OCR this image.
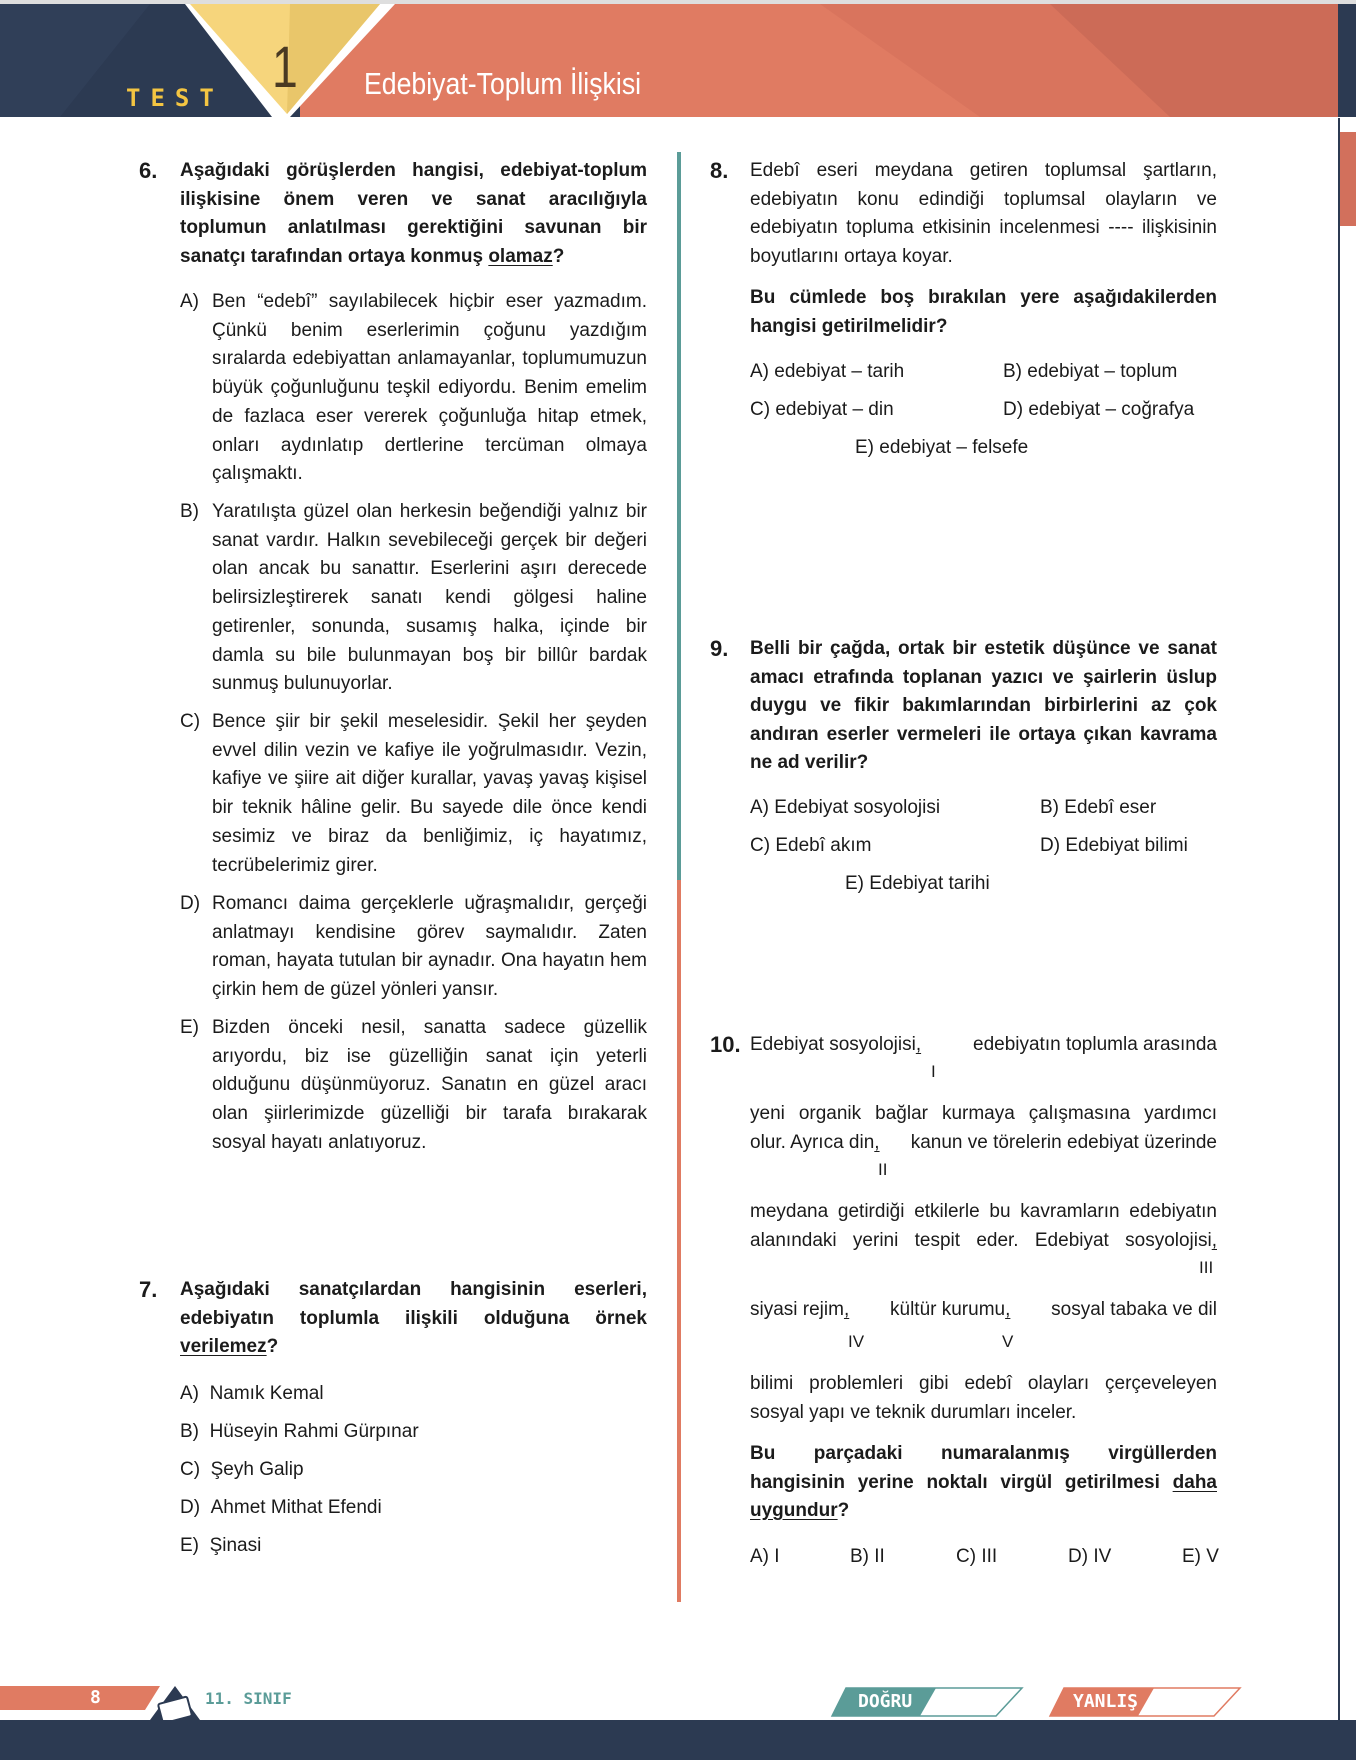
TEST 1 Edebiyat-Toplum İlişkisi
6. Aşağıdaki görüşlerden hangisi, edebiyat-toplum ilişkisine önem veren ve sanat aracılığıyla toplumun anlatılması gerektiğini savunan bir sanatçı tarafından ortaya konmuş olamaz?
A) Ben “edebî” sayılabilecek hiçbir eser yazmadım. Çünkü benim eserlerimin çoğunu yazdığım sıralarda edebiyattan anlamayanlar, toplumumuzun büyük çoğunluğunu teşkil ediyordu. Benim emelim de fazlaca eser vererek çoğunluğa hitap etmek, onları aydınlatıp dertlerine tercüman olmaya çalışmaktı.
B) Yaratılışta güzel olan herkesin beğendiği yalnız bir sanat vardır. Halkın sevebileceği gerçek bir değeri olan ancak bu sanattır. Eserlerini aşırı derecede belirsizleştirerek sanatı kendi gölgesi haline getirenler, sonunda, susamış halka, içinde bir damla su bile bulunmayan boş bir billûr bardak sunmuş bulunuyorlar.
C) Bence şiir bir şekil meselesidir. Şekil her şeyden evvel dilin vezin ve kafiye ile yoğrulmasıdır. Vezin, kafiye ve şiire ait diğer kurallar, yavaş yavaş kişisel bir teknik hâline gelir. Bu sayede dile önce kendi sesimiz ve biraz da benliğimiz, iç hayatımız, tecrübelerimiz girer.
D) Romancı daima gerçeklerle uğraşmalıdır, gerçeği anlatmayı kendisine görev saymalıdır. Zaten roman, hayata tutulan bir aynadır. Ona hayatın hem çirkin hem de güzel yönleri yansır.
E) Bizden önceki nesil, sanatta sadece güzellik arıyordu, biz ise güzelliğin sanat için yeterli olduğunu düşünmüyoruz. Sanatın en güzel aracı olan şiirlerimizde güzelliği bir tarafa bırakarak sosyal hayatı anlatıyoruz.
7. Aşağıdaki sanatçılardan hangisinin eserleri, edebiyatın toplumla ilişkili olduğuna örnek verilemez?
A) Namık Kemal
B) Hüseyin Rahmi Gürpınar
C) Şeyh Galip
D) Ahmet Mithat Efendi
E) Şinasi
8. Edebî eseri meydana getiren toplumsal şartların, edebiyatın konu edindiği toplumsal olayların ve edebiyatın topluma etkisinin incelenmesi ---- ilişkisinin boyutlarını ortaya koyar.
Bu cümlede boş bırakılan yere aşağıdakilerden hangisi getirilmelidir?
A) edebiyat – tarih	B) edebiyat – toplum
C) edebiyat – din	D) edebiyat – coğrafya
E) edebiyat – felsefe
9. Belli bir çağda, ortak bir estetik düşünce ve sanat amacı etrafında toplanan yazıcı ve şairlerin üslup duygu ve fikir bakımlarından birbirlerini az çok andıran eserler vermeleri ile ortaya çıkan kavrama ne ad verilir?
A) Edebiyat sosyolojisi	B) Edebî eser
C) Edebî akım	D) Edebiyat bilimi
E) Edebiyat tarihi
10. Edebiyat sosyolojisi,	edebiyatın toplumla arasında
I
yeni organik bağlar kurmaya çalışmasına yardımcı
olur. Ayrıca din, kanun ve törelerin edebiyat üzerinde
II
meydana getirdiği etkilerle bu kavramların edebiyatın
alanındaki yerini tespit eder. Edebiyat sosyolojisi,
III
siyasi rejim, kültür kurumu, sosyal tabaka ve dil
IV	V
bilimi problemleri gibi edebî olayları çerçeveleyen
sosyal yapı ve teknik durumları inceler.
Bu parçadaki numaralanmış virgüllerden hangisinin yerine noktalı virgül getirilmesi daha uygundur?
A) I	B) II	C) III	D) IV	E) V
8	11. SINIF	DOĞRU	YANLIŞ
